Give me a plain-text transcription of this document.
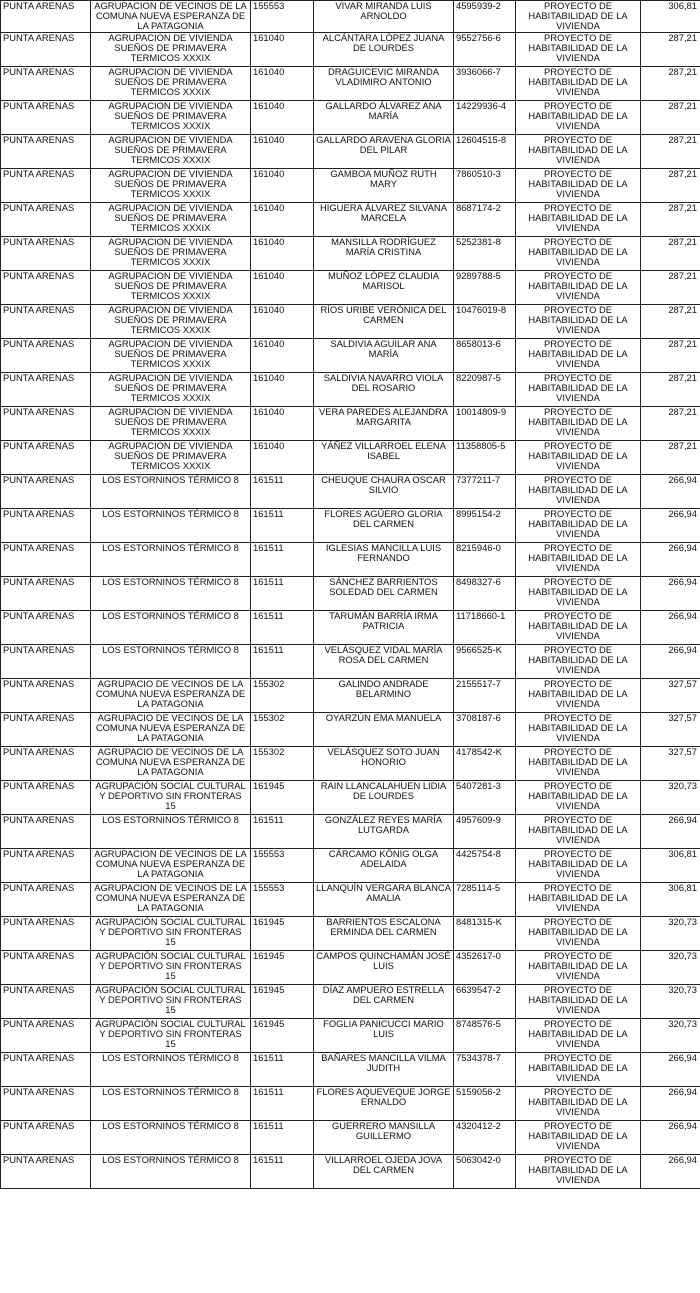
PUNTA ARENAS	AGRUPACION DE VECINOS DE LA COMUNA NUEVA ESPERANZA DE LA PATAGONIA	155553	VIVAR MIRANDA LUIS ARNOLDO	4595939-2	PROYECTO DE HABITABILIDAD DE LA VIVIENDA	306,81
PUNTA ARENAS	AGRUPACION DE VIVIENDA SUEÑOS DE PRIMAVERA TERMICOS XXXIX	161040	ALCÁNTARA LÓPEZ JUANA DE LOURDES	9552756-6	PROYECTO DE HABITABILIDAD DE LA VIVIENDA	287,21
PUNTA ARENAS	AGRUPACION DE VIVIENDA SUEÑOS DE PRIMAVERA TERMICOS XXXIX	161040	DRAGUICEVIC MIRANDA VLADIMIRO ANTONIO	3936066-7	PROYECTO DE HABITABILIDAD DE LA VIVIENDA	287,21
PUNTA ARENAS	AGRUPACION DE VIVIENDA SUEÑOS DE PRIMAVERA TERMICOS XXXIX	161040	GALLARDO ÁLVAREZ ANA MARÍA	14229936-4	PROYECTO DE HABITABILIDAD DE LA VIVIENDA	287,21
PUNTA ARENAS	AGRUPACION DE VIVIENDA SUEÑOS DE PRIMAVERA TERMICOS XXXIX	161040	GALLARDO ARAVENA GLORIA DEL PILAR	12604515-8	PROYECTO DE HABITABILIDAD DE LA VIVIENDA	287,21
PUNTA ARENAS	AGRUPACION DE VIVIENDA SUEÑOS DE PRIMAVERA TERMICOS XXXIX	161040	GAMBOA MUÑOZ RUTH MARY	7860510-3	PROYECTO DE HABITABILIDAD DE LA VIVIENDA	287,21
PUNTA ARENAS	AGRUPACION DE VIVIENDA SUEÑOS DE PRIMAVERA TERMICOS XXXIX	161040	HIGUERA ÁLVAREZ SILVANA MARCELA	8687174-2	PROYECTO DE HABITABILIDAD DE LA VIVIENDA	287,21
PUNTA ARENAS	AGRUPACION DE VIVIENDA SUEÑOS DE PRIMAVERA TERMICOS XXXIX	161040	MANSILLA RODRÍGUEZ MARÍA CRISTINA	5252381-8	PROYECTO DE HABITABILIDAD DE LA VIVIENDA	287,21
PUNTA ARENAS	AGRUPACION DE VIVIENDA SUEÑOS DE PRIMAVERA TERMICOS XXXIX	161040	MUÑOZ LÓPEZ CLAUDIA MARISOL	9289788-5	PROYECTO DE HABITABILIDAD DE LA VIVIENDA	287,21
PUNTA ARENAS	AGRUPACION DE VIVIENDA SUEÑOS DE PRIMAVERA TERMICOS XXXIX	161040	RÍOS URIBE VERÓNICA DEL CARMEN	10476019-8	PROYECTO DE HABITABILIDAD DE LA VIVIENDA	287,21
PUNTA ARENAS	AGRUPACION DE VIVIENDA SUEÑOS DE PRIMAVERA TERMICOS XXXIX	161040	SALDIVIA AGUILAR ANA MARÍA	8658013-6	PROYECTO DE HABITABILIDAD DE LA VIVIENDA	287,21
PUNTA ARENAS	AGRUPACION DE VIVIENDA SUEÑOS DE PRIMAVERA TERMICOS XXXIX	161040	SALDIVIA NAVARRO VIOLA DEL ROSARIO	8220987-5	PROYECTO DE HABITABILIDAD DE LA VIVIENDA	287,21
PUNTA ARENAS	AGRUPACION DE VIVIENDA SUEÑOS DE PRIMAVERA TERMICOS XXXIX	161040	VERA PAREDES ALEJANDRA MARGARITA	10014809-9	PROYECTO DE HABITABILIDAD DE LA VIVIENDA	287,21
PUNTA ARENAS	AGRUPACION DE VIVIENDA SUEÑOS DE PRIMAVERA TERMICOS XXXIX	161040	YÁÑEZ VILLARROEL ELENA ISABEL	11358805-5	PROYECTO DE HABITABILIDAD DE LA VIVIENDA	287,21
PUNTA ARENAS	LOS ESTORNINOS TÉRMICO 8	161511	CHEUQUE CHAURA OSCAR SILVIO	7377211-7	PROYECTO DE HABITABILIDAD DE LA VIVIENDA	266,94
PUNTA ARENAS	LOS ESTORNINOS TÉRMICO 8	161511	FLORES AGÜERO GLORIA DEL CARMEN	8995154-2	PROYECTO DE HABITABILIDAD DE LA VIVIENDA	266,94
PUNTA ARENAS	LOS ESTORNINOS TÉRMICO 8	161511	IGLESIAS MANCILLA LUIS FERNANDO	8215946-0	PROYECTO DE HABITABILIDAD DE LA VIVIENDA	266,94
PUNTA ARENAS	LOS ESTORNINOS TÉRMICO 8	161511	SÁNCHEZ BARRIENTOS SOLEDAD DEL CARMEN	8498327-6	PROYECTO DE HABITABILIDAD DE LA VIVIENDA	266,94
PUNTA ARENAS	LOS ESTORNINOS TÉRMICO 8	161511	TARUMÁN BARRÍA IRMA PATRICIA	11718660-1	PROYECTO DE HABITABILIDAD DE LA VIVIENDA	266,94
PUNTA ARENAS	LOS ESTORNINOS TÉRMICO 8	161511	VELÁSQUEZ VIDAL MARÍA ROSA DEL CARMEN	9566525-K	PROYECTO DE HABITABILIDAD DE LA VIVIENDA	266,94
PUNTA ARENAS	AGRUPACIO DE VECINOS DE LA COMUNA NUEVA ESPERANZA DE LA PATAGONIA	155302	GALINDO ANDRADE BELARMINO	2155517-7	PROYECTO DE HABITABILIDAD DE LA VIVIENDA	327,57
PUNTA ARENAS	AGRUPACIO DE VECINOS DE LA COMUNA NUEVA ESPERANZA DE LA PATAGONIA	155302	OYARZÚN EMA MANUELA	3708187-6	PROYECTO DE HABITABILIDAD DE LA VIVIENDA	327,57
PUNTA ARENAS	AGRUPACIO DE VECINOS DE LA COMUNA NUEVA ESPERANZA DE LA PATAGONIA	155302	VELÁSQUEZ SOTO JUAN HONORIO	4178542-K	PROYECTO DE HABITABILIDAD DE LA VIVIENDA	327,57
PUNTA ARENAS	AGRUPACIÓN SOCIAL CULTURAL Y DEPORTIVO SIN FRONTERAS 15	161945	RAIN LLANCALAHUEN LIDIA DE LOURDES	5407281-3	PROYECTO DE HABITABILIDAD DE LA VIVIENDA	320,73
PUNTA ARENAS	LOS ESTORNINOS TÉRMICO 8	161511	GONZÁLEZ REYES MARÍA LUTGARDA	4957609-9	PROYECTO DE HABITABILIDAD DE LA VIVIENDA	266,94
PUNTA ARENAS	AGRUPACION DE VECINOS DE LA COMUNA NUEVA ESPERANZA DE LA PATAGONIA	155553	CÁRCAMO KÖNIG OLGA ADELAIDA	4425754-8	PROYECTO DE HABITABILIDAD DE LA VIVIENDA	306,81
PUNTA ARENAS	AGRUPACION DE VECINOS DE LA COMUNA NUEVA ESPERANZA DE LA PATAGONIA	155553	LLANQUÍN VERGARA BLANCA AMALIA	7285114-5	PROYECTO DE HABITABILIDAD DE LA VIVIENDA	306,81
PUNTA ARENAS	AGRUPACIÓN SOCIAL CULTURAL Y DEPORTIVO SIN FRONTERAS 15	161945	BARRIENTOS ESCALONA ERMINDA DEL CARMEN	8481315-K	PROYECTO DE HABITABILIDAD DE LA VIVIENDA	320,73
PUNTA ARENAS	AGRUPACIÓN SOCIAL CULTURAL Y DEPORTIVO SIN FRONTERAS 15	161945	CAMPOS QUINCHAMÁN JOSÉ LUIS	4352617-0	PROYECTO DE HABITABILIDAD DE LA VIVIENDA	320,73
PUNTA ARENAS	AGRUPACIÓN SOCIAL CULTURAL Y DEPORTIVO SIN FRONTERAS 15	161945	DÍAZ AMPUERO ESTRELLA DEL CARMEN	6639547-2	PROYECTO DE HABITABILIDAD DE LA VIVIENDA	320,73
PUNTA ARENAS	AGRUPACIÓN SOCIAL CULTURAL Y DEPORTIVO SIN FRONTERAS 15	161945	FOGLIA PANICUCCI MARIO LUIS	8748576-5	PROYECTO DE HABITABILIDAD DE LA VIVIENDA	320,73
PUNTA ARENAS	LOS ESTORNINOS TÉRMICO 8	161511	BAÑARES MANCILLA VILMA JUDITH	7534378-7	PROYECTO DE HABITABILIDAD DE LA VIVIENDA	266,94
PUNTA ARENAS	LOS ESTORNINOS TÉRMICO 8	161511	FLORES AQUEVEQUE JORGE ERNALDO	5159056-2	PROYECTO DE HABITABILIDAD DE LA VIVIENDA	266,94
PUNTA ARENAS	LOS ESTORNINOS TÉRMICO 8	161511	GUERRERO MANSILLA GUILLERMO	4320412-2	PROYECTO DE HABITABILIDAD DE LA VIVIENDA	266,94
PUNTA ARENAS	LOS ESTORNINOS TÉRMICO 8	161511	VILLARROEL OJEDA JOVA DEL CARMEN	5063042-0	PROYECTO DE HABITABILIDAD DE LA VIVIENDA	266,94
